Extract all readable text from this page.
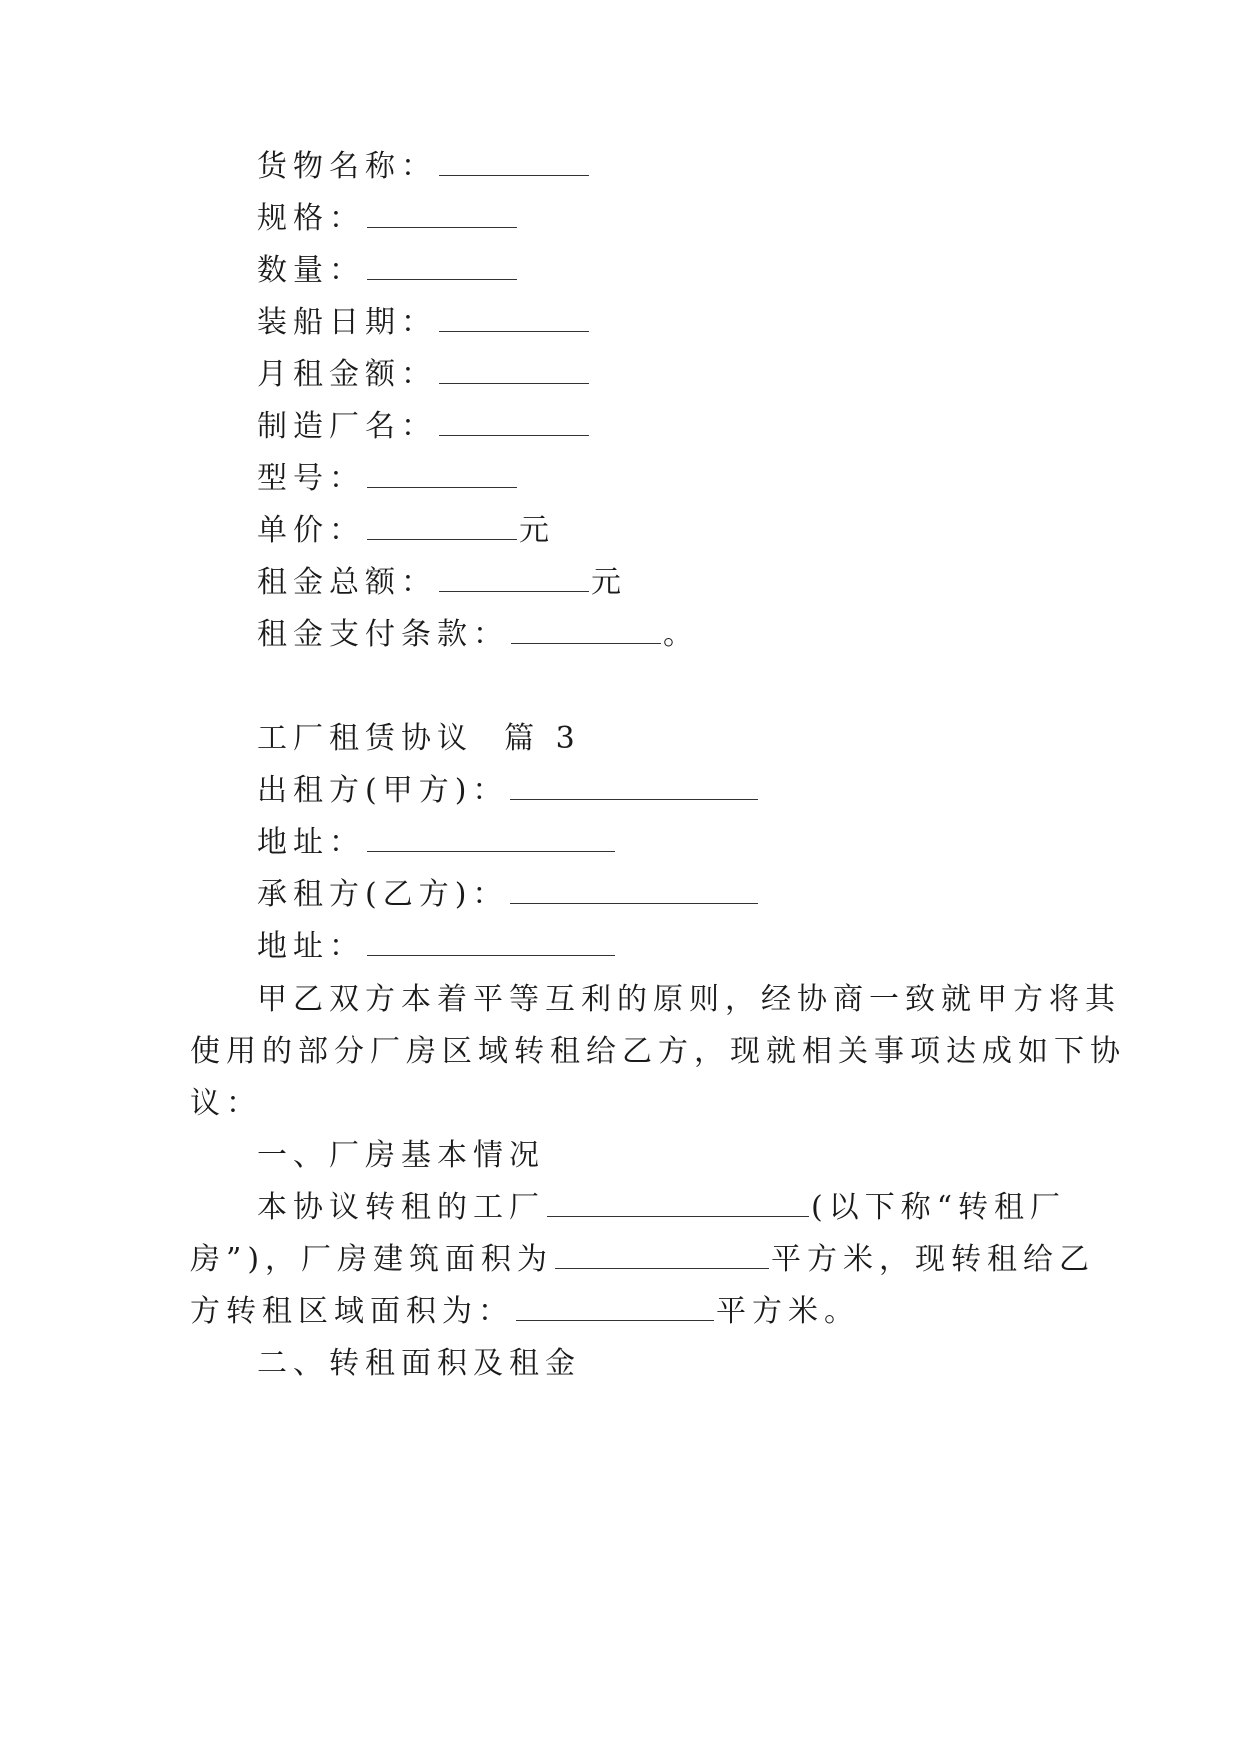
货物名称：
规格：
数量：
装船日期：
月租金额：
制造厂名：
型号：
单价：	元
租金总额：	元
租金支付条款：	。
工厂租赁协议  篇 3
出租方(甲方)：
地址：
承租方(乙方)：
地址：
甲乙双方本着平等互利的原则，经协商一致就甲方将其
使用的部分厂房区域转租给乙方，现就相关事项达成如下协
议：
一、厂房基本情况
本协议转租的工厂	(以下称“转租厂
房”)，厂房建筑面积为	平方米，现转租给乙
方转租区域面积为：	平方米。
二、转租面积及租金
